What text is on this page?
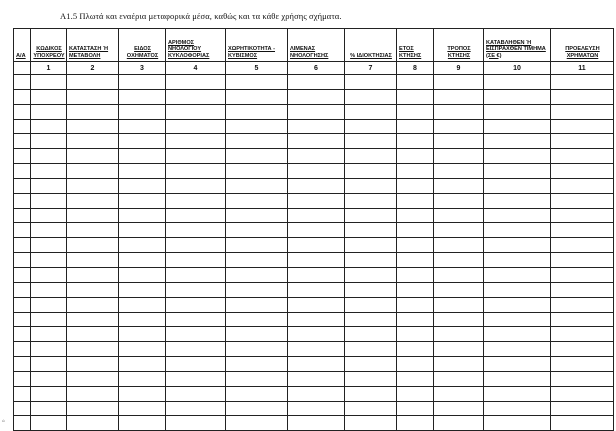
Α1.5 Πλωτά και εναέρια μεταφορικά μέσα, καθώς και τα κάθε χρήσης σχήματα.
Α/Α	ΚΩΔΙΚΟΣ ΥΠΟΧΡΕΟΥ	ΚΑΤΑΣΤΑΣΗ Ή ΜΕΤΑΒΟΛΗ	ΕΙΔΟΣ ΟΧΗΜΑΤΟΣ	ΑΡΙΘΜΟΣ ΝΗΟΛΟΓΙΟΥ ΚΥΚΛΟΦΟΡΙΑΣ	ΧΩΡΗΤΙΚΟΤΗΤΑ - ΚΥΒΙΣΜΟΣ	ΛΙΜΕΝΑΣ ΝΗΟΛΟΓΗΣΗΣ	% ΙΔΙΟΚΤΗΣΙΑΣ	ΕΤΟΣ ΚΤΗΣΗΣ	ΤΡΟΠΟΣ ΚΤΗΣΗΣ	ΚΑΤΑΒΛΗΘΕΝ Ή ΕΙΣΠΡΑΧΘΕΝ ΤΙΜΗΜΑ (ΣΕ €)	ΠΡΟΕΛΕΥΣΗ ΧΡΗΜΑΤΩΝ
	1	2	3	4	5	6	7	8	9	10	11

ώ
